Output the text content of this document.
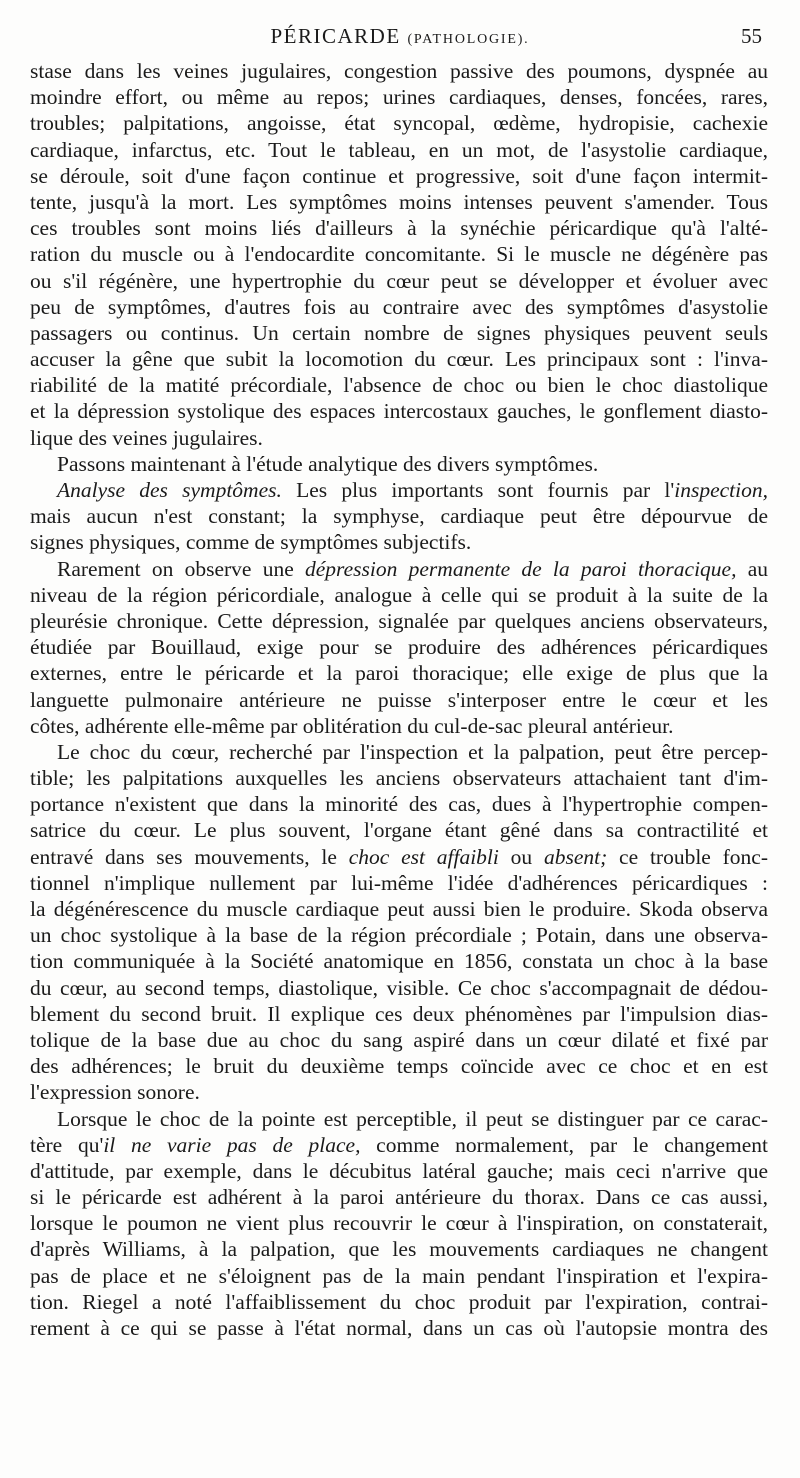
PÉRICARDE (PATHOLOGIE).	55
stase dans les veines jugulaires, congestion passive des poumons, dyspnée au
moindre effort, ou même au repos; urines cardiaques, denses, foncées, rares,
troubles; palpitations, angoisse, état syncopal, œdème, hydropisie, cachexie
cardiaque, infarctus, etc. Tout le tableau, en un mot, de l'asystolie cardiaque,
se déroule, soit d'une façon continue et progressive, soit d'une façon intermit-
tente, jusqu'à la mort. Les symptômes moins intenses peuvent s'amender. Tous
ces troubles sont moins liés d'ailleurs à la synéchie péricardique qu'à l'alté-
ration du muscle ou à l'endocardite concomitante. Si le muscle ne dégénère pas
ou s'il régénère, une hypertrophie du cœur peut se développer et évoluer avec
peu de symptômes, d'autres fois au contraire avec des symptômes d'asystolie
passagers ou continus. Un certain nombre de signes physiques peuvent seuls
accuser la gêne que subit la locomotion du cœur. Les principaux sont : l'inva-
riabilité de la matité précordiale, l'absence de choc ou bien le choc diastolique
et la dépression systolique des espaces intercostaux gauches, le gonflement diasto-
lique des veines jugulaires.
Passons maintenant à l'étude analytique des divers symptômes.
Analyse des symptômes. Les plus importants sont fournis par l'inspection,
mais aucun n'est constant; la symphyse, cardiaque peut être dépourvue de
signes physiques, comme de symptômes subjectifs.
Rarement on observe une dépression permanente de la paroi thoracique, au
niveau de la région péricordiale, analogue à celle qui se produit à la suite de la
pleurésie chronique. Cette dépression, signalée par quelques anciens observateurs,
étudiée par Bouillaud, exige pour se produire des adhérences péricardiques
externes, entre le péricarde et la paroi thoracique; elle exige de plus que la
languette pulmonaire antérieure ne puisse s'interposer entre le cœur et les
côtes, adhérente elle-même par oblitération du cul-de-sac pleural antérieur.
Le choc du cœur, recherché par l'inspection et la palpation, peut être percep-
tible; les palpitations auxquelles les anciens observateurs attachaient tant d'im-
portance n'existent que dans la minorité des cas, dues à l'hypertrophie compen-
satrice du cœur. Le plus souvent, l'organe étant gêné dans sa contractilité et
entravé dans ses mouvements, le choc est affaibli ou absent; ce trouble fonc-
tionnel n'implique nullement par lui-même l'idée d'adhérences péricardiques :
la dégénérescence du muscle cardiaque peut aussi bien le produire. Skoda observa
un choc systolique à la base de la région précordiale ; Potain, dans une observa-
tion communiquée à la Société anatomique en 1856, constata un choc à la base
du cœur, au second temps, diastolique, visible. Ce choc s'accompagnait de dédou-
blement du second bruit. Il explique ces deux phénomènes par l'impulsion dias-
tolique de la base due au choc du sang aspiré dans un cœur dilaté et fixé par
des adhérences; le bruit du deuxième temps coïncide avec ce choc et en est
l'expression sonore.
Lorsque le choc de la pointe est perceptible, il peut se distinguer par ce carac-
tère qu'il ne varie pas de place, comme normalement, par le changement
d'attitude, par exemple, dans le décubitus latéral gauche; mais ceci n'arrive que
si le péricarde est adhérent à la paroi antérieure du thorax. Dans ce cas aussi,
lorsque le poumon ne vient plus recouvrir le cœur à l'inspiration, on constaterait,
d'après Williams, à la palpation, que les mouvements cardiaques ne changent
pas de place et ne s'éloignent pas de la main pendant l'inspiration et l'expira-
tion. Riegel a noté l'affaiblissement du choc produit par l'expiration, contrai-
rement à ce qui se passe à l'état normal, dans un cas où l'autopsie montra des
